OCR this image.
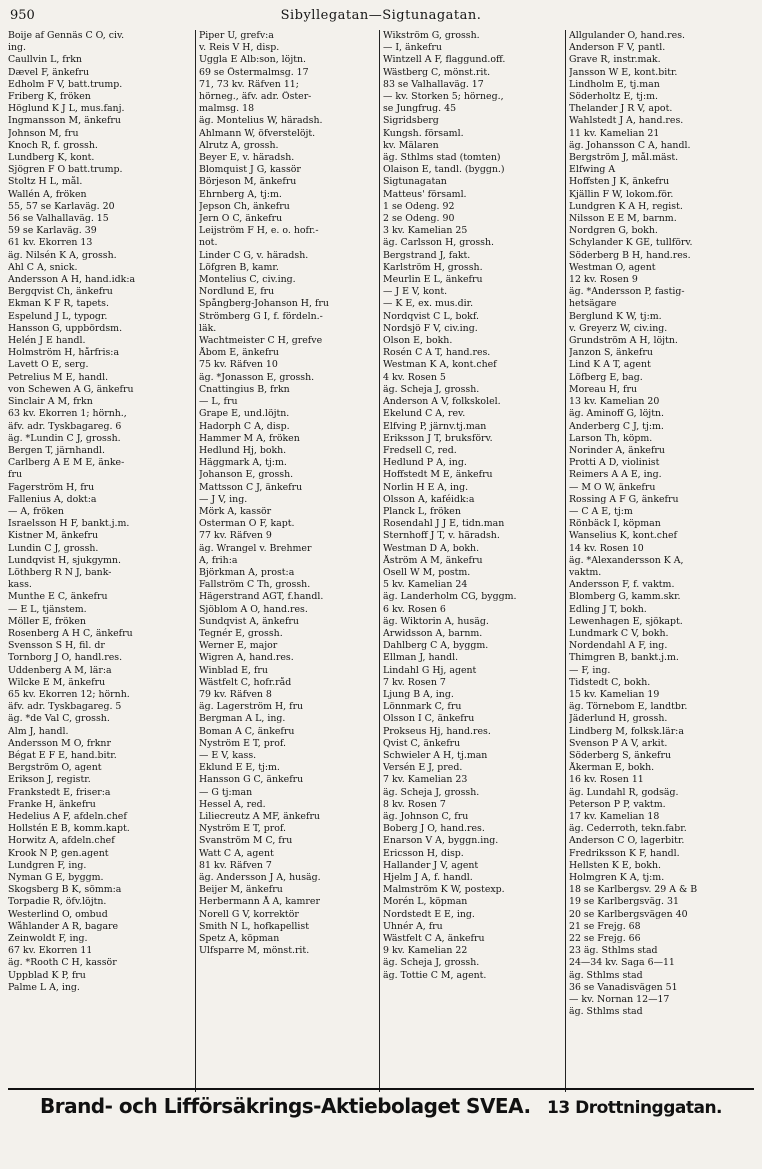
950	Sibyllegatan—Sigtunagatan.
Boije af Gennäs C O, civ.
ing.
Caullvin L, frkn
Dævel F, änkefru
Edholm F V, batt.trump.
Friberg K, fröken
Höglund K J L, mus.fanj.
Ingmansson M, änkefru
Johnson M, fru
Knoch R, f. grossh.
Lundberg K, kont.
Sjögren F O batt.trump.
Stoltz H L, mål.
Wallén A, fröken
55, 57 se Karlaväg. 20
56 se Valhallaväg. 15
59 se Karlaväg. 39
61 kv. Ekorren 13
äg. Nilsén K A, grossh.
Ahl C A, snick.
Andersson A H, hand.idk:a
Bergqvist Ch, änkefru
Ekman K F R, tapets.
Espelund J L, typogr.
Hansson G, uppbördsm.
Helén J E handl.
Holmström H, hårfris:a
Lavett O E, serg.
Petrelius M E, handl.
von Schewen A G, änkefru
Sinclair A M, frkn
63 kv. Ekorren 1; hörnh.,
äfv. adr. Tyskbagareg. 6
äg. *Lundin C J, grossh.
Bergen T, järnhandl.
Carlberg A E M E, änke-
fru
Fagerström H, fru
Fallenius A, dokt:a
— A, fröken
Israelsson H F, bankt.j.m.
Kistner M, änkefru
Lundin C J, grossh.
Lundqvist H, sjukgymn.
Löthberg R N J, bank-
kass.
Munthe E C, änkefru
— E L, tjänstem.
Möller E, fröken
Rosenberg A H C, änkefru
Svensson S H, fil. dr
Tornborg J O, handl.res.
Uddenberg A M, lär:a
Wilcke E M, änkefru
65 kv. Ekorren 12; hörnh.
äfv. adr. Tyskbagareg. 5
äg. *de Val C, grossh.
Alm J, handl.
Andersson M O, frknr
Bégat E F E, hand.bitr.
Bergström O, agent
Erikson J, registr.
Frankstedt E, friser:a
Franke H, änkefru
Hedelius A F, afdeln.chef
Hollstén E B, komm.kapt.
Horwitz A, afdeln.chef
Krook N P, gen.agent
Lundgren F, ing.
Nyman G E, byggm.
Skogsberg B K, sömm:a
Torpadie R, öfv.löjtn.
Westerlind O, ombud
Wåhlander A R, bagare
Zeinwoldt F, ing.
67 kv. Ekorren 11
äg. *Rooth C H, kassör
Uppblad K P, fru
Palme L A, ing.
Piper U, grefv:a
v. Reis V H, disp.
Uggla E Alb:son, löjtn.
69 se Östermalmsg. 17
71, 73 kv. Räfven 11;
hörneg., äfv. adr. Öster-
malmsg. 18
äg. Montelius W, häradsh.
Ahlmann W, öfverstelöjt.
Alrutz A, grossh.
Beyer E, v. häradsh.
Blomquist J G, kassör
Börjeson M, änkefru
Ehrnberg A, tj:m.
Jepson Ch, änkefru
Jern O C, änkefru
Leijström F H, e. o. hofr.-
not.
Linder C G, v. häradsh.
Löfgren B, kamr.
Montelius C, civ.ing.
Nordlund E, fru
Spångberg-Johanson H, fru
Strömberg G I, f. fördeln.-
läk.
Wachtmeister C H, grefve
Åbom E, änkefru
75 kv. Räfven 10
äg. *Jonasson E, grossh.
Cnattingius B, frkn
— L, fru
Grape E, und.löjtn.
Hadorph C A, disp.
Hammer M A, fröken
Hedlund Hj, bokh.
Häggmark A, tj:m.
Johanson E, grossh.
Mattsson C J, änkefru
— J V, ing.
Mörk A, kassör
Osterman O F, kapt.
77 kv. Räfven 9
äg. Wrangel v. Brehmer
A, frih:a
Björkman A, prost:a
Fallström C Th, grossh.
Hägerstrand AGT, f.handl.
Sjöblom A O, hand.res.
Sundqvist A, änkefru
Tegnér E, grossh.
Werner E, major
Wigren A, hand.res.
Winblad E, fru
Wästfelt C, hofr.råd
79 kv. Räfven 8
äg. Lagerström H, fru
Bergman A L, ing.
Boman A C, änkefru
Nyström E T, prof.
— E V, kass.
Eklund E E, tj:m.
Hansson G C, änkefru
— G tj:man
Hessel A, red.
Liliecreutz A MF, änkefru
Nyström E T, prof.
Svanström M C, fru
Watt C A, agent
81 kv. Räfven 7
äg. Andersson J A, husäg.
Beijer M, änkefru
Herbermann Å A, kamrer
Norell G V, korrektör
Smith N L, hofkapellist
Spetz A, köpman
Ulfsparre M, mönst.rit.
Wikström G, grossh.
— I, änkefru
Wintzell A F, flaggund.off.
Wästberg C, mönst.rit.
83 se Valhallaväg. 17
— kv. Storken 5; hörneg.,
se Jungfrug. 45
Sigridsberg
Kungsh. församl.
kv. Mälaren
äg. Sthlms stad (tomten)
Olaison E, tandl. (byggn.)
Sigtunagatan
Matteus' församl.
1 se Odeng. 92
2 se Odeng. 90
3 kv. Kamelian 25
äg. Carlsson H, grossh.
Bergstrand J, fakt.
Karlström H, grossh.
Meurlin E L, änkefru
— J E V, kont.
— K E, ex. mus.dir.
Nordqvist C L, bokf.
Nordsjö F V, civ.ing.
Olson E, bokh.
Rosén C A T, hand.res.
Westman K A, kont.chef
4 kv. Rosen 5
äg. Scheja J, grossh.
Anderson A V, folkskolel.
Ekelund C A, rev.
Elfving P, järnv.tj.man
Eriksson J T, bruksförv.
Fredsell C, red.
Hedlund P A, ing.
Hoffstedt M E, änkefru
Norlin H E A, ing.
Olsson A, kaféidk:a
Planck L, fröken
Rosendahl J J E, tidn.man
Sternhoff J T, v. häradsh.
Westman D A, bokh.
Åström A M, änkefru
Osell W M, postm.
5 kv. Kamelian 24
äg. Landerholm CG, byggm.
6 kv. Rosen 6
äg. Wiktorin A, husäg.
Arwidsson A, barnm.
Dahlberg C A, byggm.
Ellman J, handl.
Lindahl G Hj, agent
7 kv. Rosen 7
Ljung B A, ing.
Lönnmark C, fru
Olsson I C, änkefru
Prokseus Hj, hand.res.
Qvist C, änkefru
Schwieler A H, tj.man
Versén E J, pred.
7 kv. Kamelian 23
äg. Scheja J, grossh.
8 kv. Rosen 7
äg. Johnson C, fru
Boberg J O, hand.res.
Enarson V A, byggn.ing.
Ericsson H, disp.
Hallander J V, agent
Hjelm J A, f. handl.
Malmström K W, postexp.
Morén L, köpman
Nordstedt E E, ing.
Uhnér A, fru
Wästfelt C A, änkefru
9 kv. Kamelian 22
äg. Scheja J, grossh.
äg. Tottie C M, agent.
Allgulander O, hand.res.
Anderson F V, pantl.
Grave R, instr.mak.
Jansson W E, kont.bitr.
Lindholm E, tj.man
Söderholtz E, tj:m.
Thelander J R V, apot.
Wahlstedt J A, hand.res.
11 kv. Kamelian 21
äg. Johansson C A, handl.
Bergström J, mål.mäst.
Elfwing A
Hoffsten J K, änkefru
Kjällin F W, lokom.för.
Lundgren K A H, regist.
Nilsson E E M, barnm.
Nordgren G, bokh.
Schylander K GE, tullförv.
Söderberg B H, hand.res.
Westman O, agent
12 kv. Rosen 9
äg. *Andersson P, fastig-
hetsägare
Berglund K W, tj:m.
v. Greyerz W, civ.ing.
Grundström A H, löjtn.
Janzon S, änkefru
Lind K A T, agent
Löfberg E, bag.
Moreau H, fru
13 kv. Kamelian 20
äg. Aminoff G, löjtn.
Anderberg C J, tj:m.
Larson Th, köpm.
Norinder A, änkefru
Protti A D, violinist
Reimers A A E, ing.
— M O W, änkefru
Rossing A F G, änkefru
— C A E, tj:m
Rönbäck I, köpman
Wanselius K, kont.chef
14 kv. Rosen 10
äg. *Alexandersson K A,
vaktm.
Andersson F, f. vaktm.
Blomberg G, kamm.skr.
Edling J T, bokh.
Lewenhagen E, sjökapt.
Lundmark C V, bokh.
Nordendahl A F, ing.
Thimgren B, bankt.j.m.
— F, ing.
Tidstedt C, bokh.
15 kv. Kamelian 19
äg. Törnebom E, landtbr.
Jäderlund H, grossh.
Lindberg M, folksk.lär:a
Svenson P A V, arkit.
Söderberg S, änkefru
Åkerman E, bokh.
16 kv. Rosen 11
äg. Lundahl R, godsäg.
Peterson P P, vaktm.
17 kv. Kamelian 18
äg. Cederroth, tekn.fabr.
Anderson C O, lagerbitr.
Fredriksson K F, handl.
Hellsten K E, bokh.
Holmgren K A, tj:m.
18 se Karlbergsv. 29 A & B
19 se Karlbergsväg. 31
20 se Karlbergsvägen 40
21 se Frejg. 68
22 se Frejg. 66
23 äg. Sthlms stad
24—34 kv. Saga 6—11
äg. Sthlms stad
36 se Vanadisvägen 51
— kv. Nornan 12—17
äg. Sthlms stad
Brand- och Lifförsäkrings-Aktiebolaget SVEA. 13 Drottninggatan.
